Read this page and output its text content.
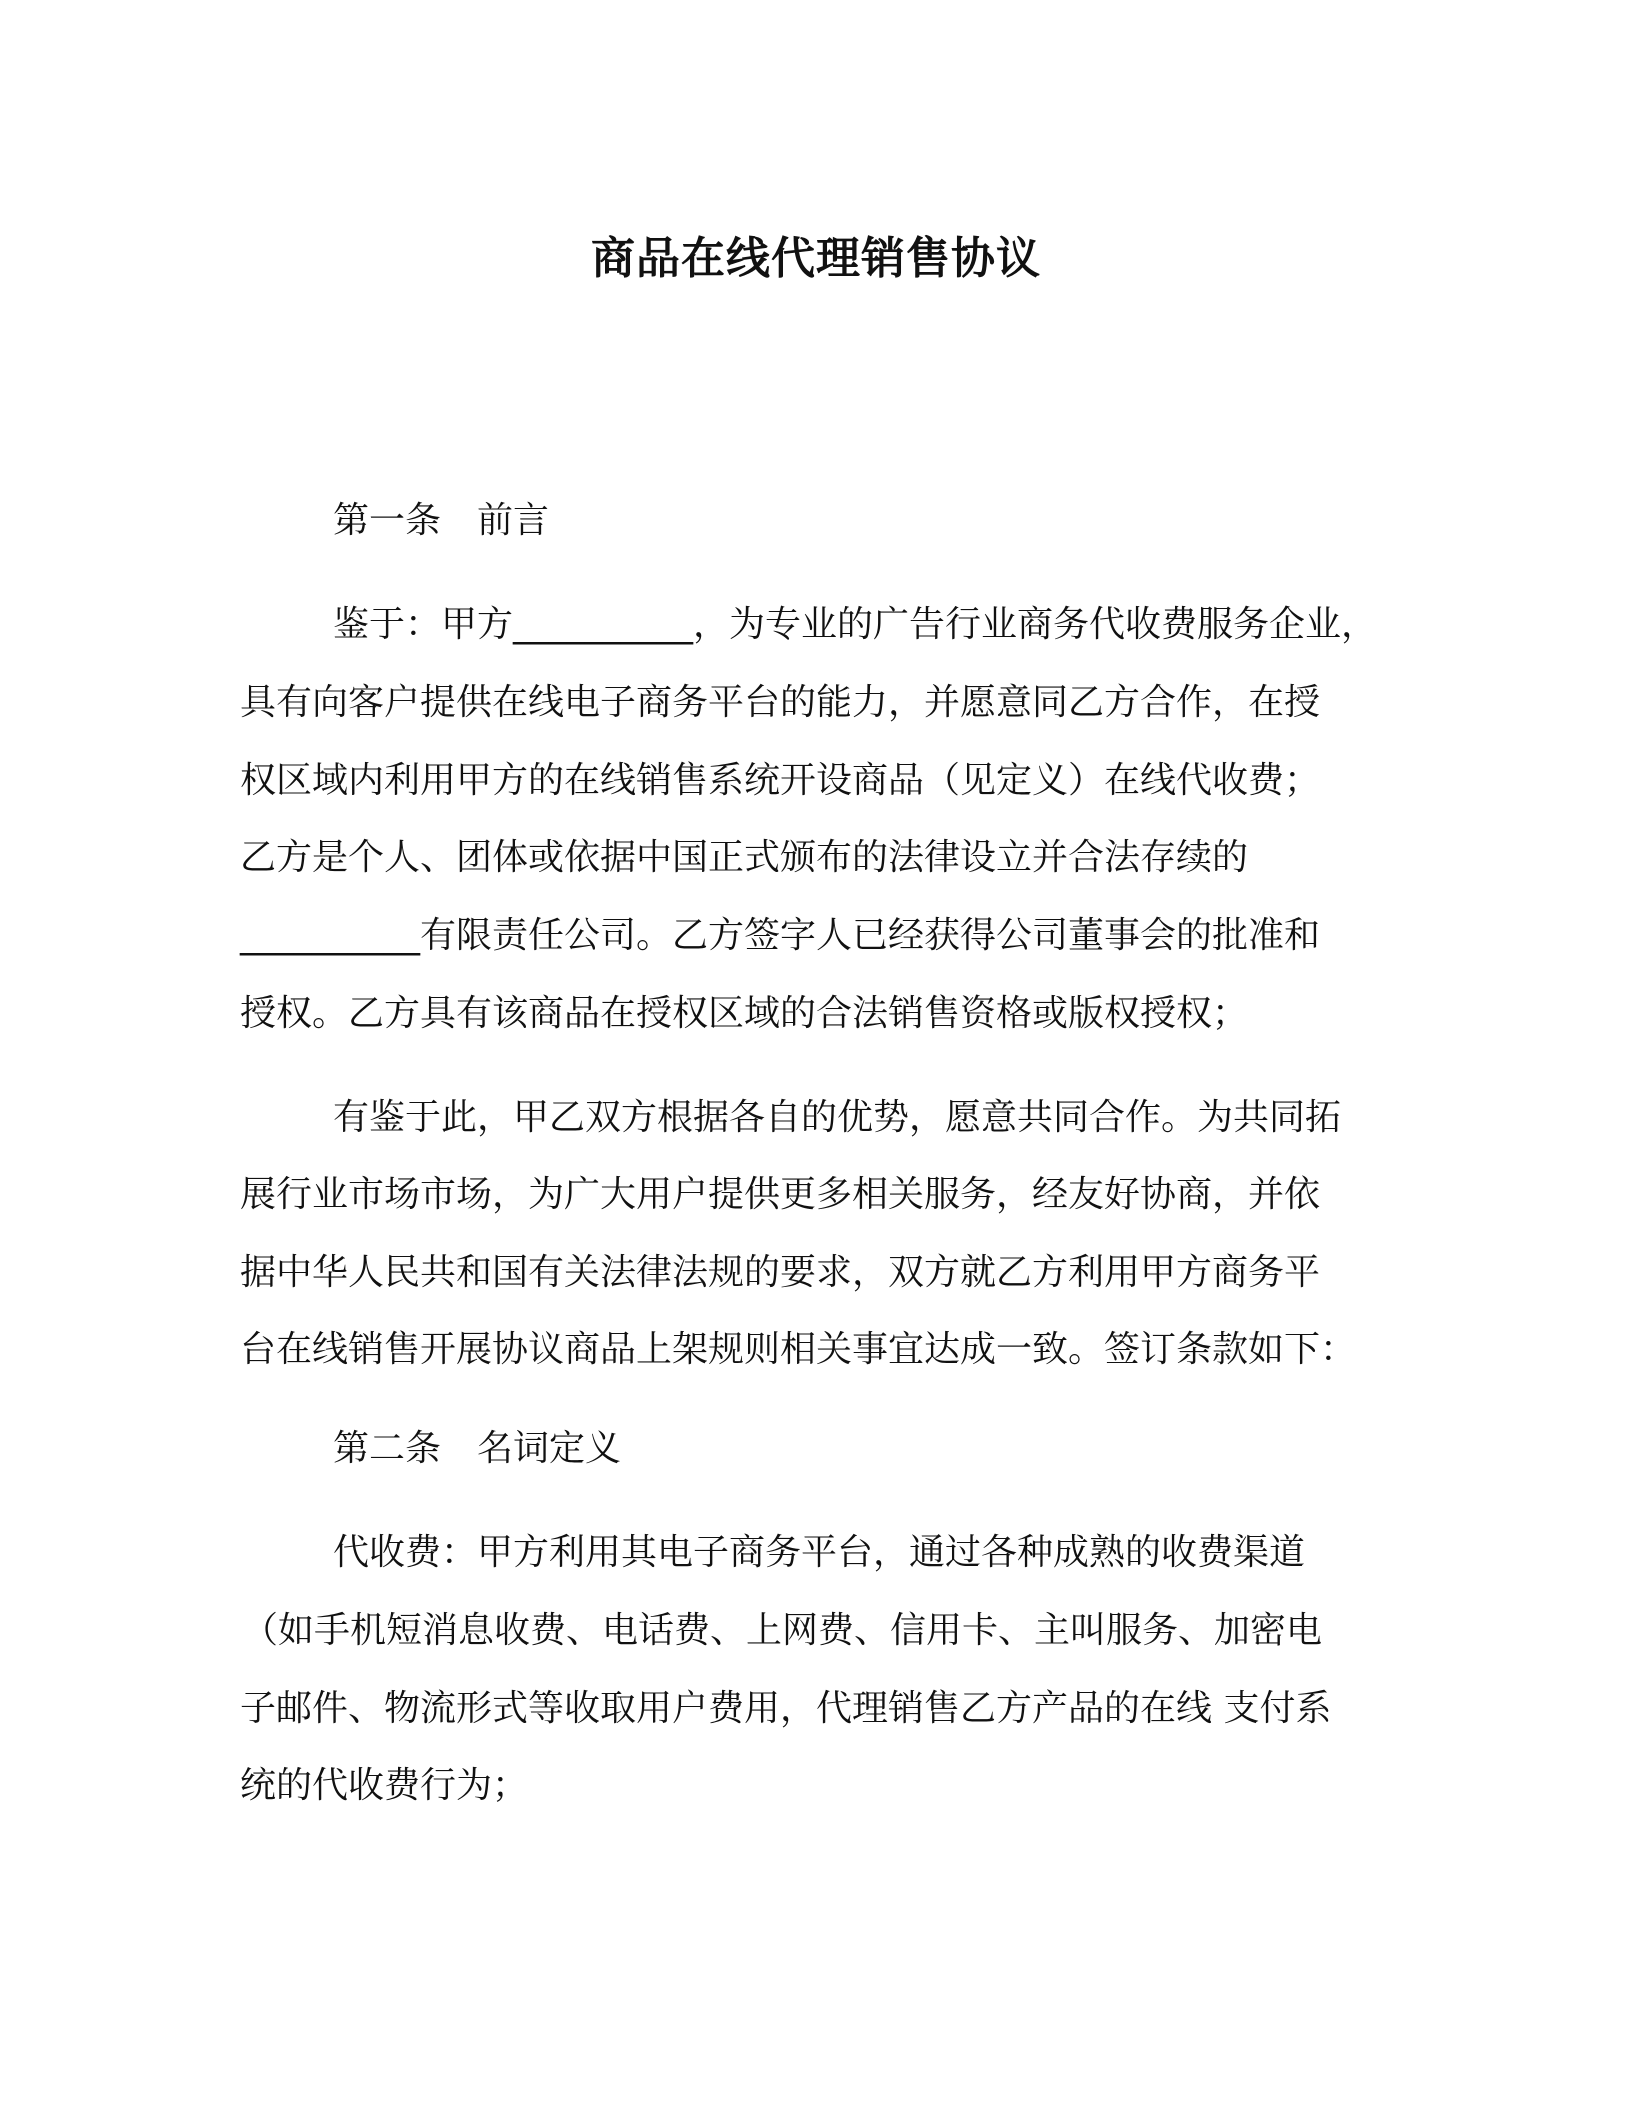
商品在线代理销售协议

第一条　前言

鉴于：甲方__________，为专业的广告行业商务代收费服务企业，

具有向客户提供在线电子商务平台的能力，并愿意同乙方合作，在授

权区域内利用甲方的在线销售系统开设商品（见定义）在线代收费；

乙方是个人、团体或依据中国正式颁布的法律设立并合法存续的

__________有限责任公司。乙方签字人已经获得公司董事会的批准和

授权。乙方具有该商品在授权区域的合法销售资格或版权授权；

有鉴于此，甲乙双方根据各自的优势，愿意共同合作。为共同拓

展行业市场市场，为广大用户提供更多相关服务，经友好协商，并依

据中华人民共和国有关法律法规的要求，双方就乙方利用甲方商务平

台在线销售开展协议商品上架规则相关事宜达成一致。签订条款如下：

第二条　名词定义

代收费：甲方利用其电子商务平台，通过各种成熟的收费渠道

（如手机短消息收费、电话费、上网费、信用卡、主叫服务、加密电

子邮件、物流形式等收取用户费用，代理销售乙方产品的在线 支付系

统的代收费行为；
